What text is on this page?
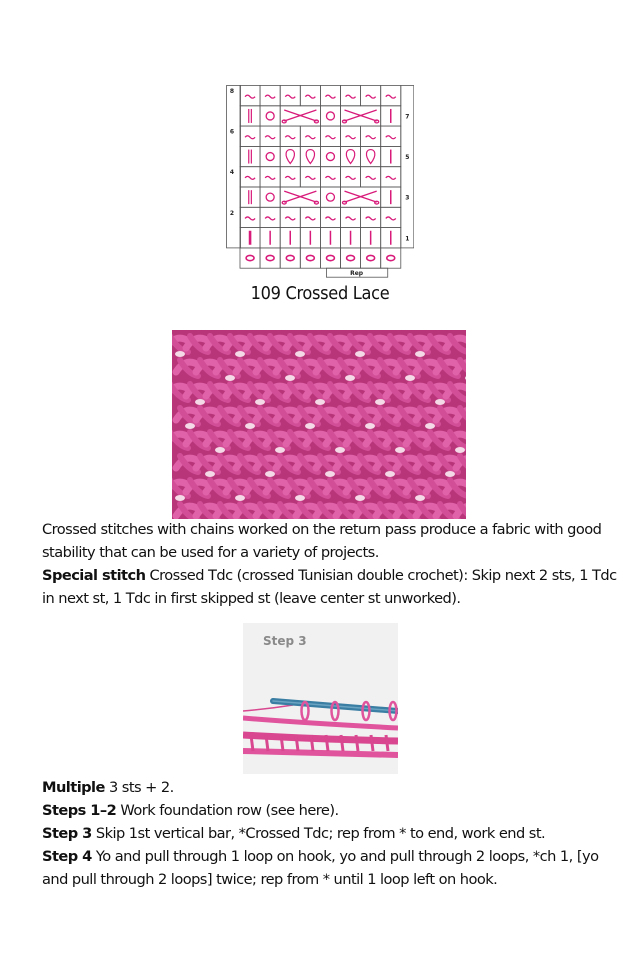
8
7
6
5
4
3
2
1
Rep
109 Crossed Lace
Crossed stitches with chains worked on the return pass produce a fabric with good stability that can be used for a variety of projects.
Special stitch Crossed Tdc (crossed Tunisian double crochet): Skip next 2 sts, 1 Tdc in next st, 1 Tdc in first skipped st (leave center st unworked).
Step 3
Multiple 3 sts + 2.
Steps 1–2 Work foundation row (see here).
Step 3 Skip 1st vertical bar, *Crossed Tdc; rep from * to end, work end st.
Step 4 Yo and pull through 1 loop on hook, yo and pull through 2 loops, *ch 1, [yo and pull through 2 loops] twice; rep from * until 1 loop left on hook.
